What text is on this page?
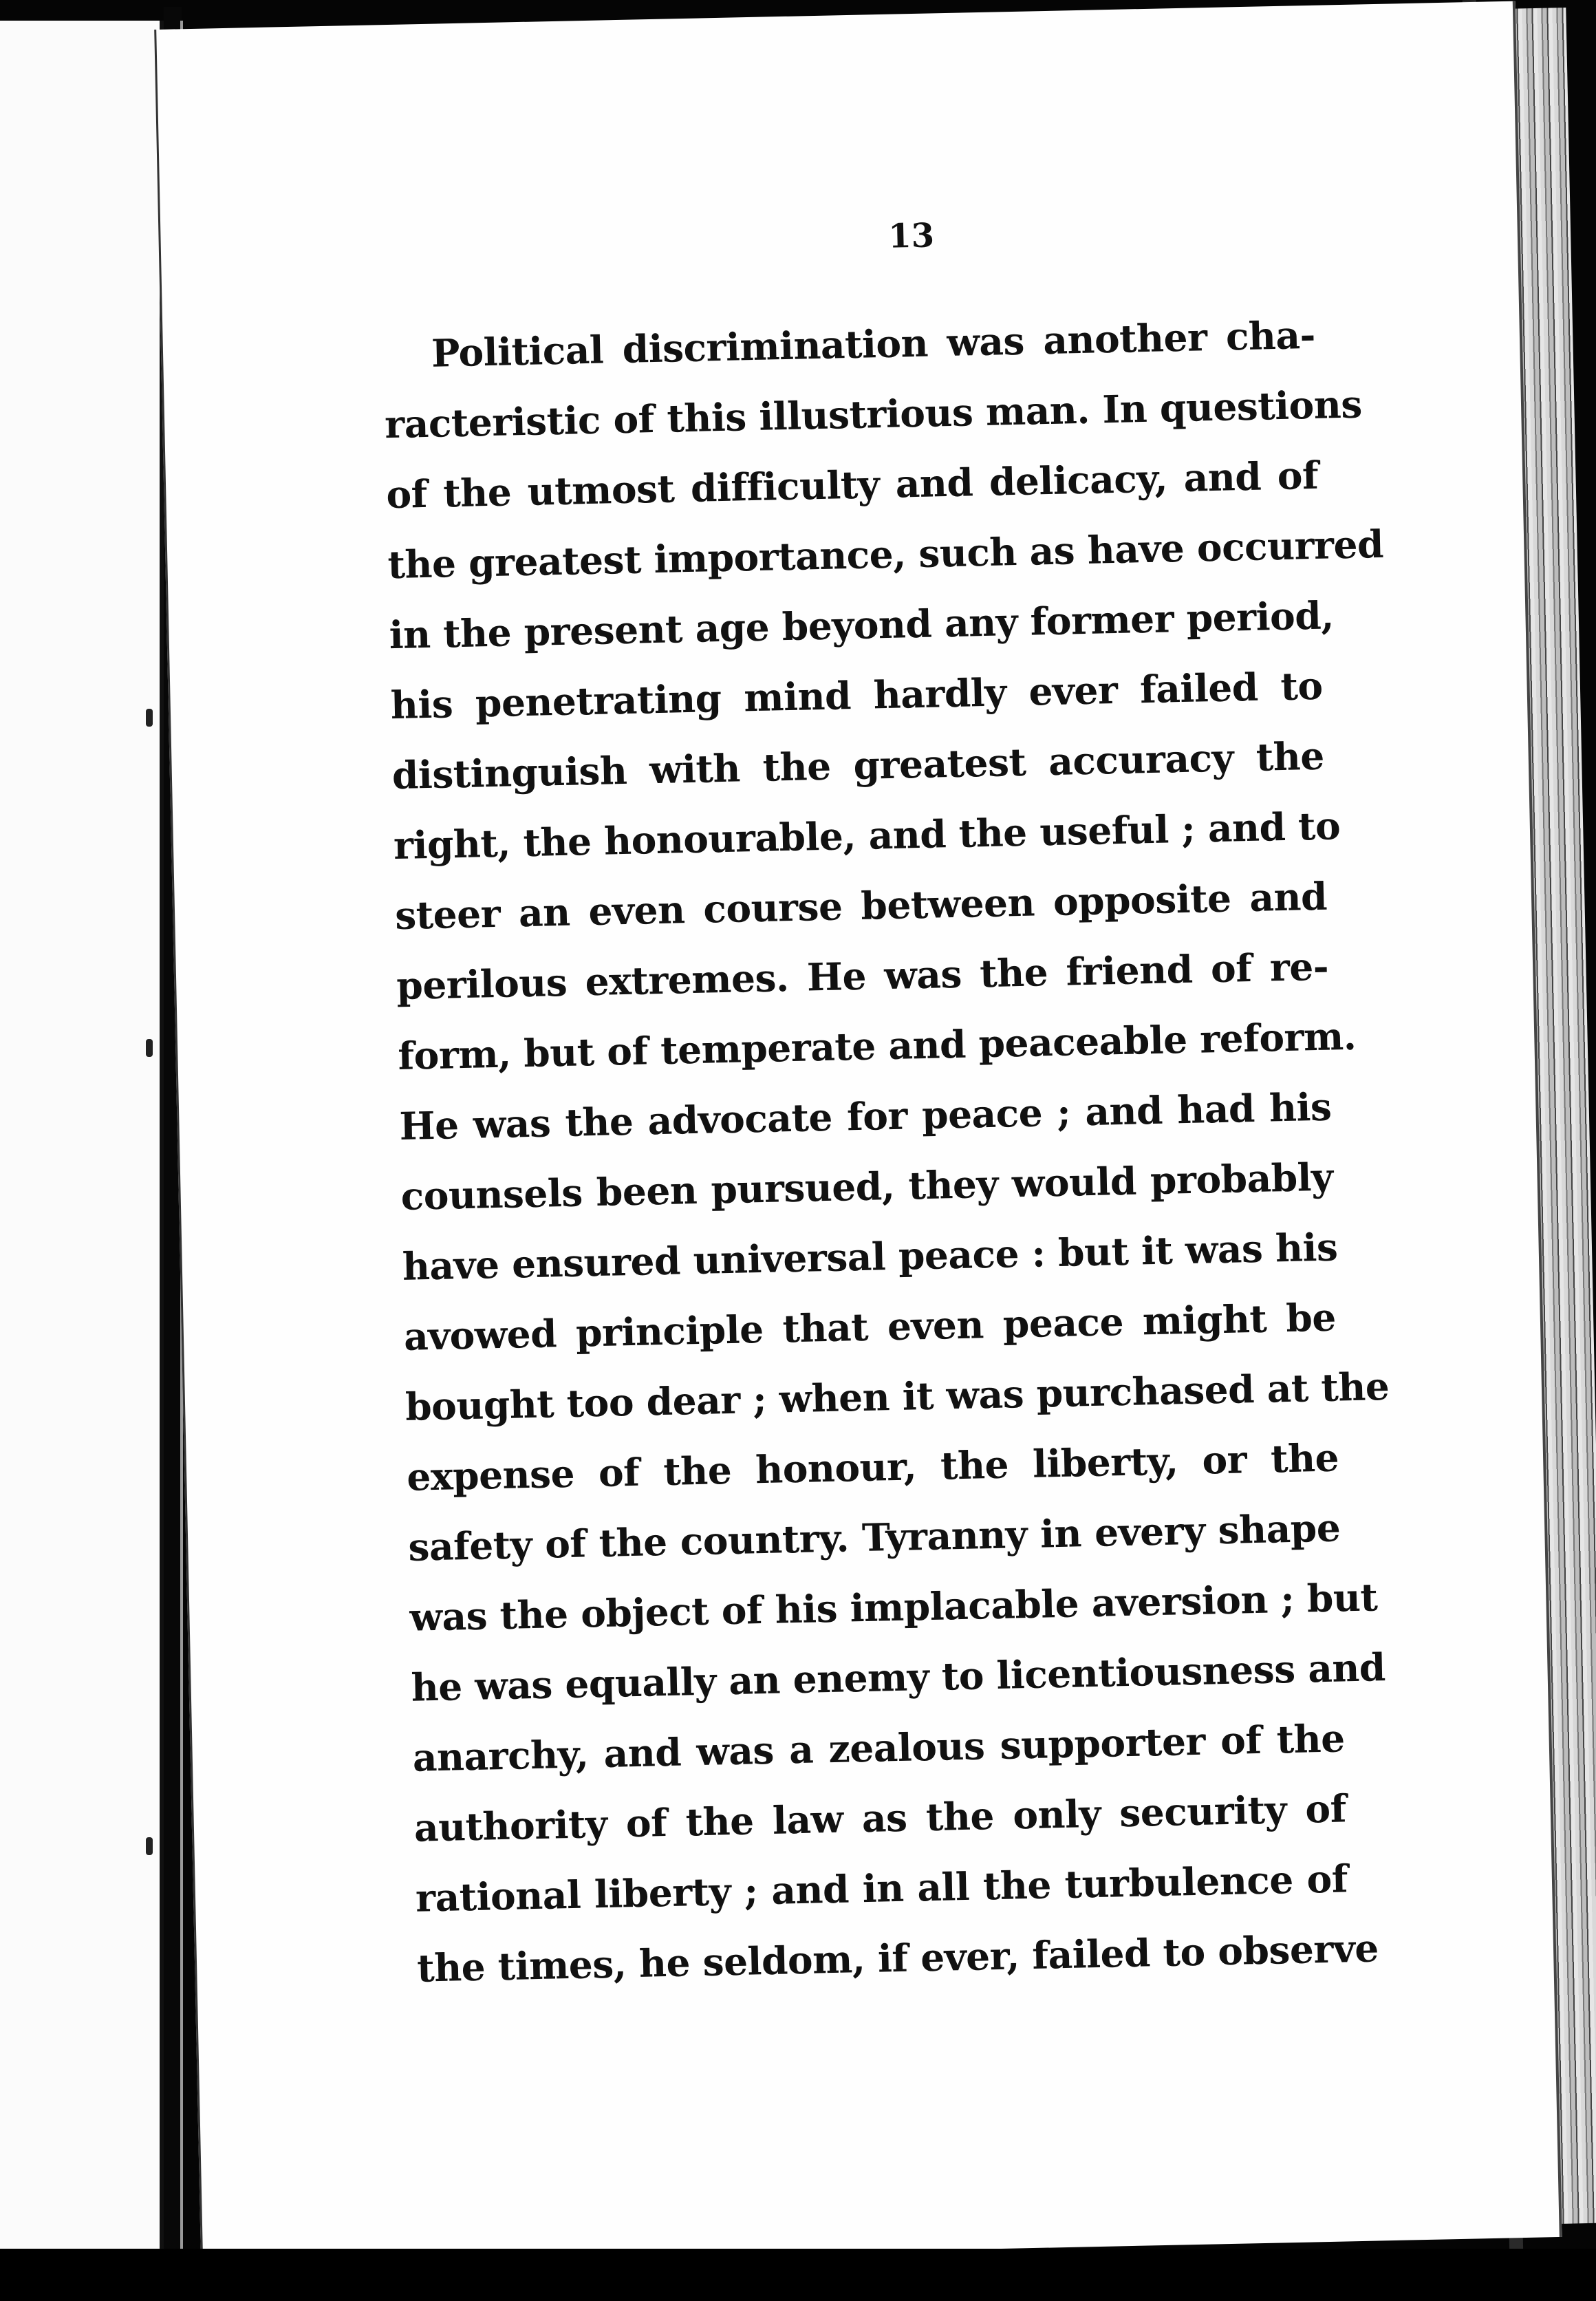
13
Political discrimination was another cha-
racteristic of this illustrious man. In questions
of the utmost difficulty and delicacy, and of
the greatest importance, such as have occurred
in the present age beyond any former period,
his penetrating mind hardly ever failed to
distinguish with the greatest accuracy the
right, the honourable, and the useful ; and to
steer an even course between opposite and
perilous extremes. He was the friend of re-
form, but of temperate and peaceable reform.
He was the advocate for peace ; and had his
counsels been pursued, they would probably
have ensured universal peace : but it was his
avowed principle that even peace might be
bought too dear ; when it was purchased at the
expense of the honour, the liberty, or the
safety of the country. Tyranny in every shape
was the object of his implacable aversion ; but
he was equally an enemy to licentiousness and
anarchy, and was a zealous supporter of the
authority of the law as the only security of
rational liberty ; and in all the turbulence of
the times, he seldom, if ever, failed to observe
